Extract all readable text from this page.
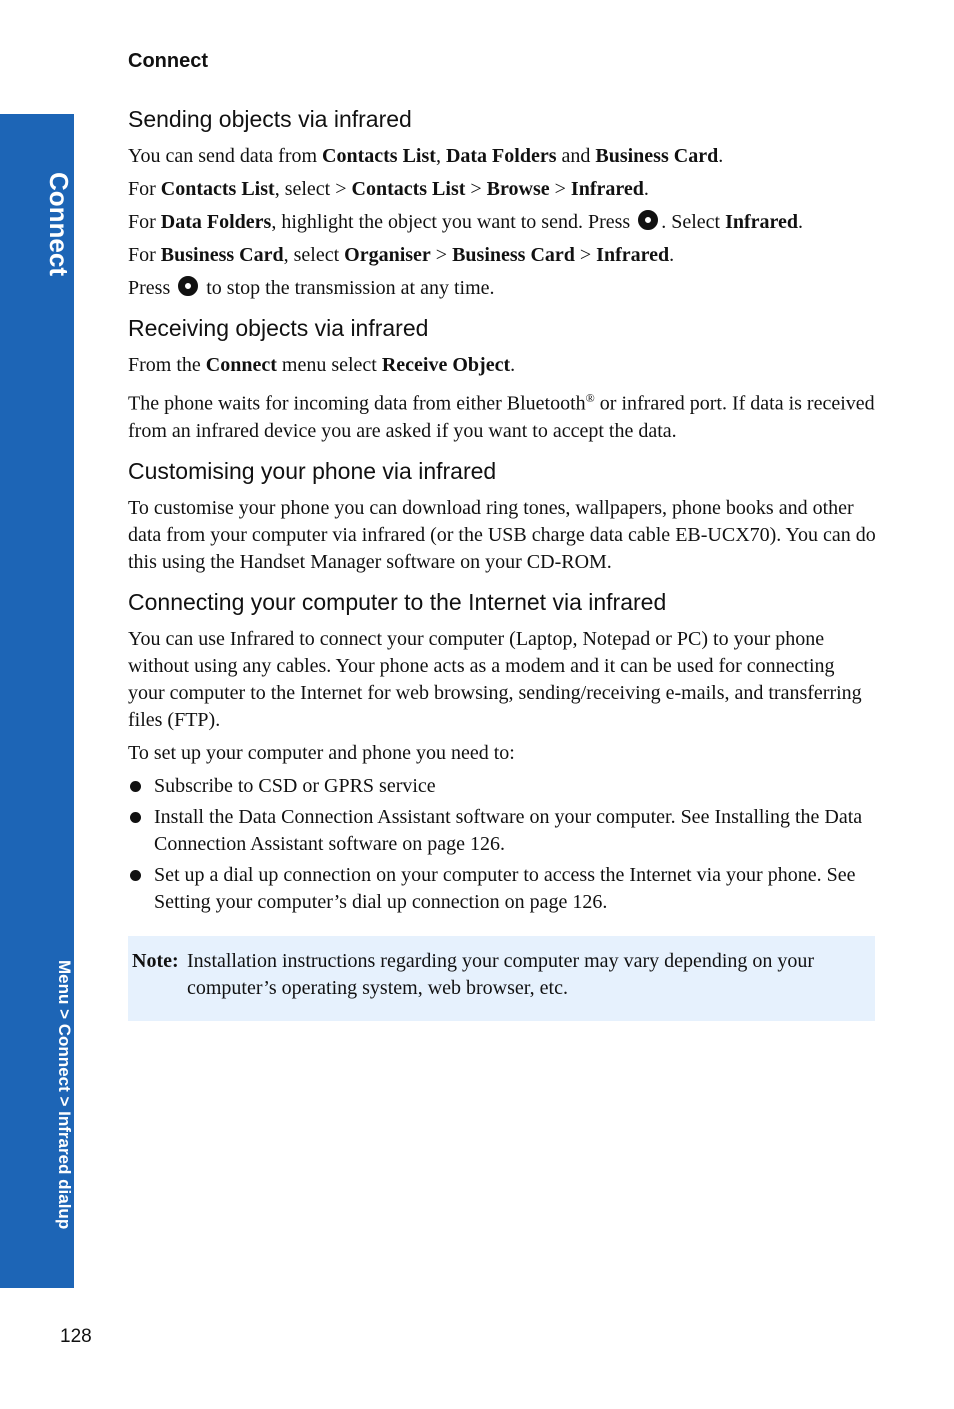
Connect
Menu > Connect > Infrared dialup
Connect
Sending objects via infrared

You can send data from Contacts List, Data Folders and Business Card.

For Contacts List, select > Contacts List > Browse > Infrared.

For Data Folders, highlight the object you want to send. Press . Select Infrared.

For Business Card, select Organiser > Business Card > Infrared.

Press  to stop the transmission at any time.

Receiving objects via infrared

From the Connect menu select Receive Object.

The phone waits for incoming data from either Bluetooth® or infrared port. If data is received from an infrared device you are asked if you want to accept the data.

Customising your phone via infrared

To customise your phone you can download ring tones, wallpapers, phone books and other data from your computer via infrared (or the USB charge data cable EB-UCX70). You can do this using the Handset Manager software on your CD-ROM.

Connecting your computer to the Internet via infrared

You can use Infrared to connect your computer (Laptop, Notepad or PC) to your phone without using any cables. Your phone acts as a modem and it can be used for connecting your computer to the Internet for web browsing, sending/receiving e-mails, and transferring files (FTP).

To set up your computer and phone you need to:

Subscribe to CSD or GPRS service
Install the Data Connection Assistant software on your computer. See Installing the Data Connection Assistant software on page 126.
Set up a dial up connection on your computer to access the Internet via your phone. See Setting your computer’s dial up connection on page 126.
Note: Installation instructions regarding your computer may vary depending on your computer’s operating system, web browser, etc.
128
